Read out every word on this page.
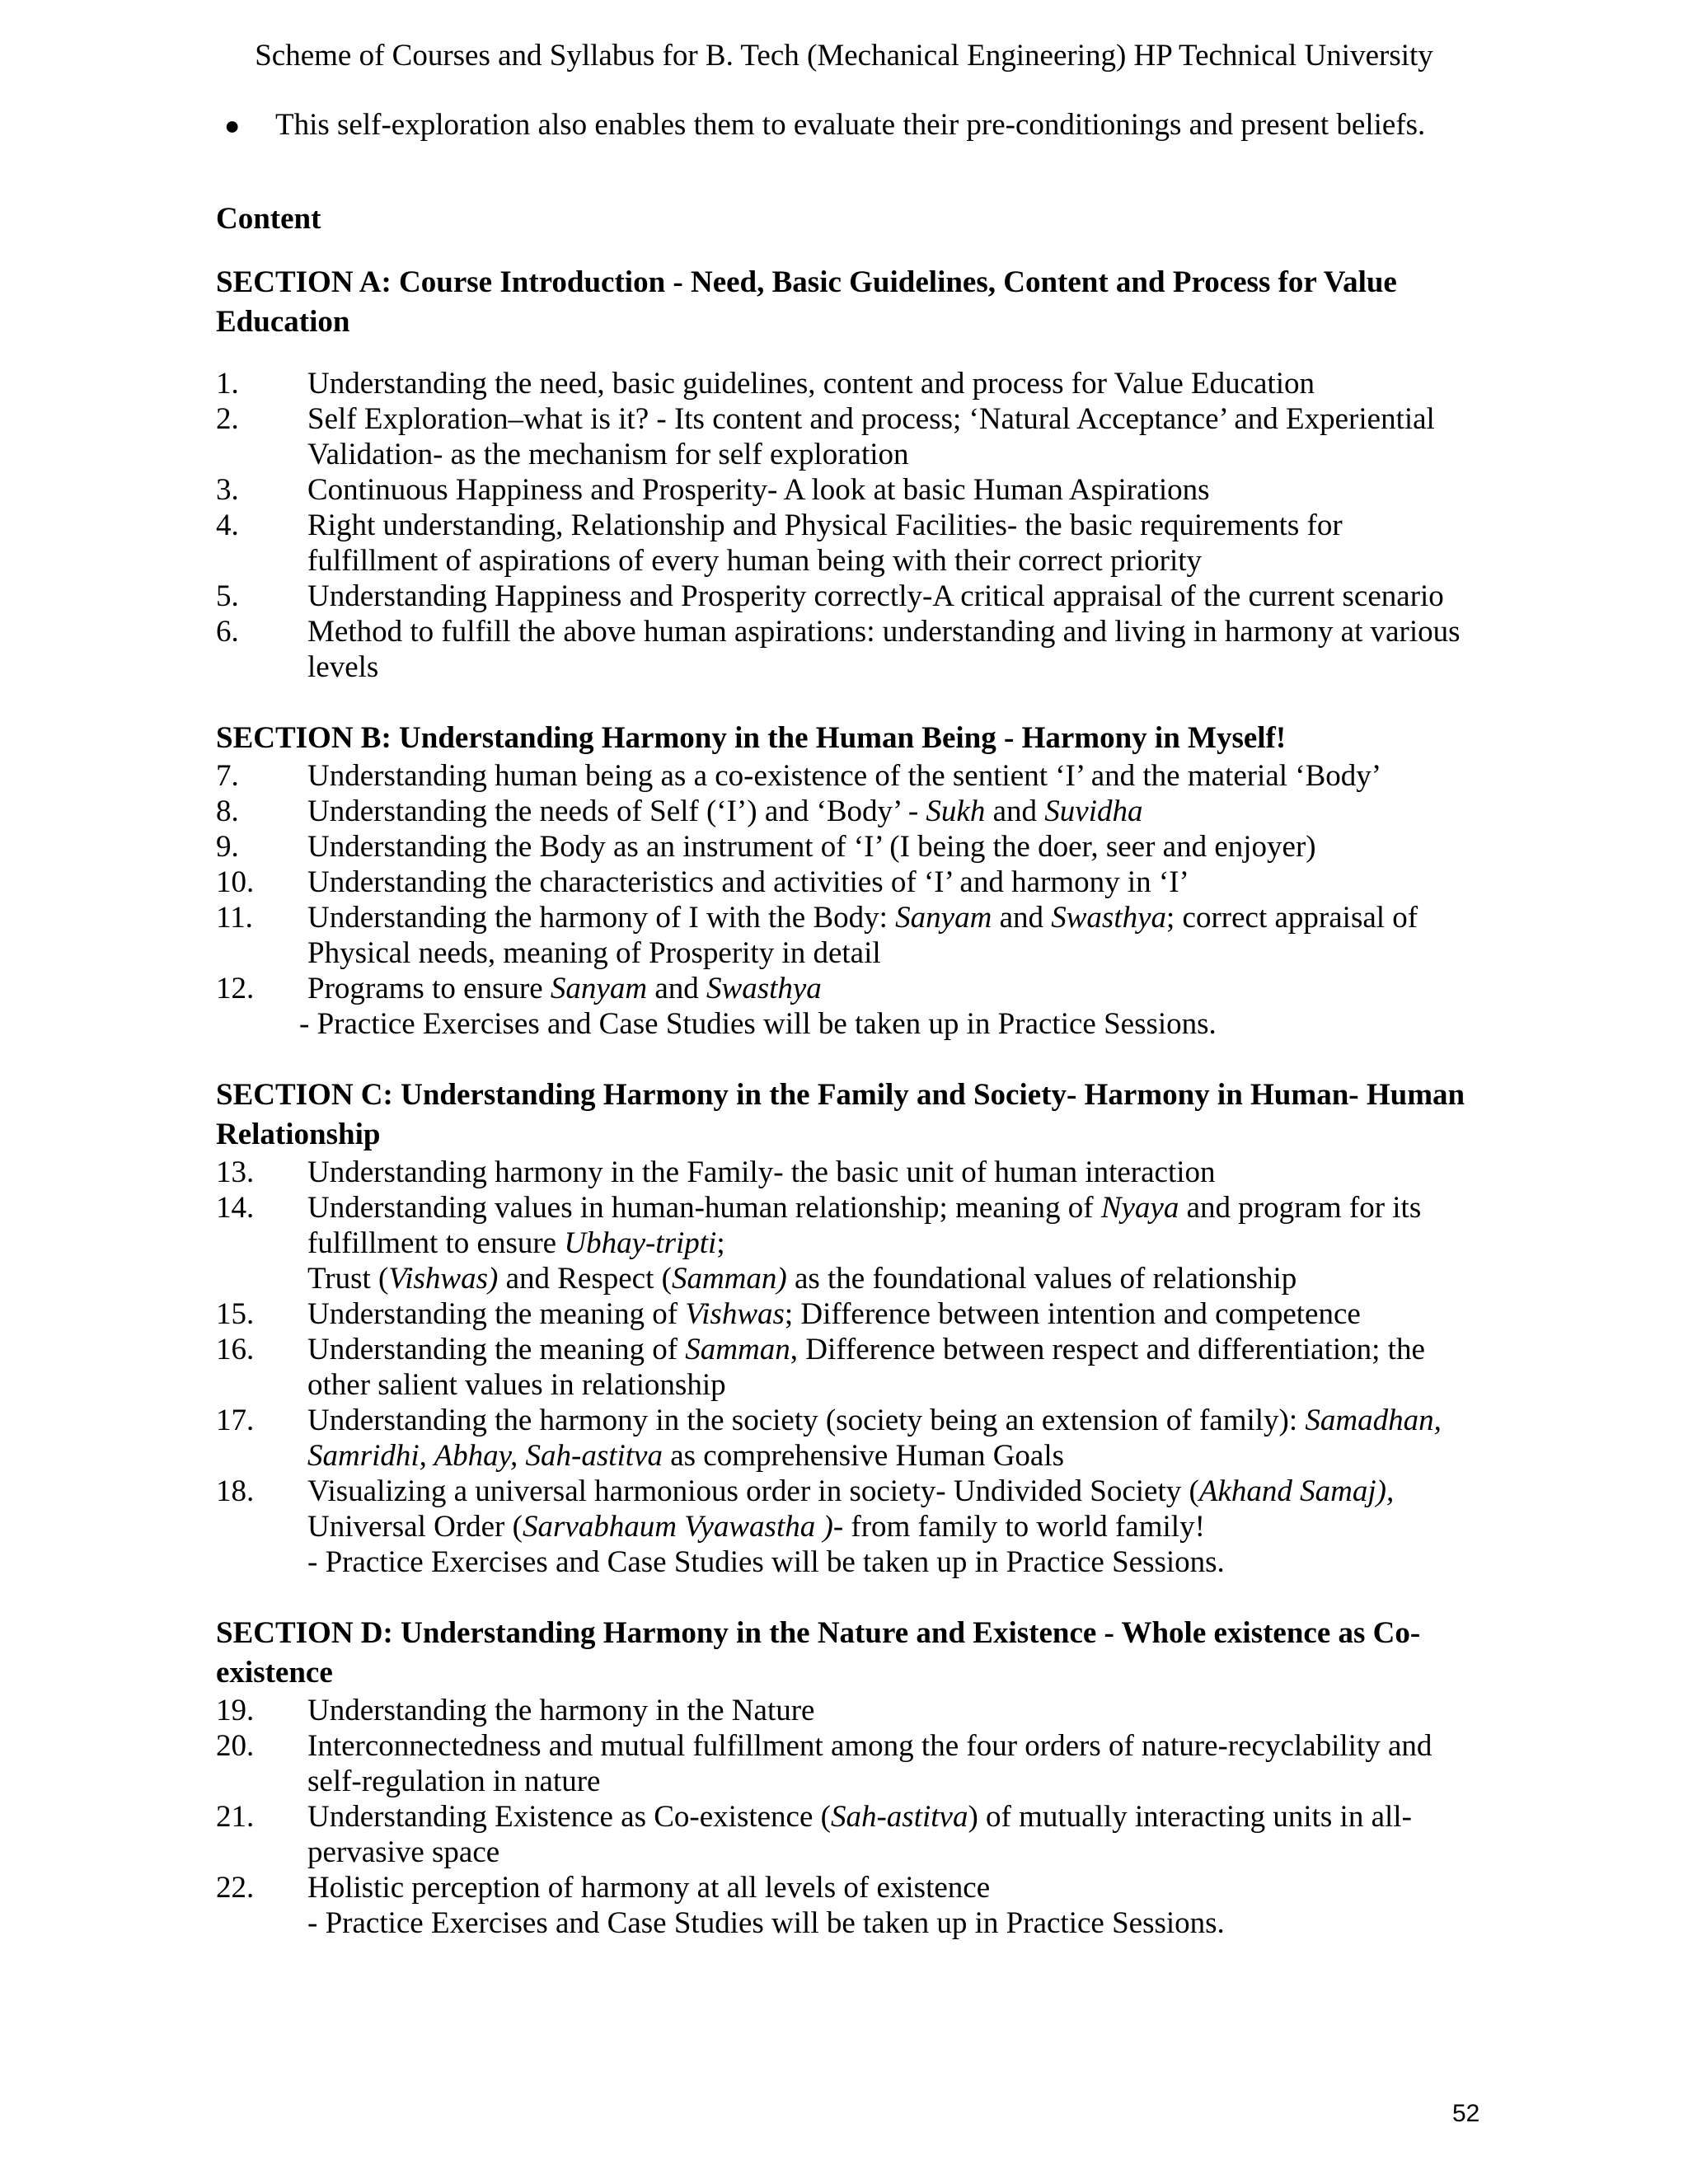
Scheme of Courses and Syllabus for B. Tech (Mechanical Engineering) HP Technical University
●	This self-exploration also enables them to evaluate their pre-conditionings and present beliefs.
Content
SECTION A: Course Introduction - Need, Basic Guidelines, Content and Process for Value Education
1.	Understanding the need, basic guidelines, content and process for Value Education
2.	Self Exploration–what is it? - Its content and process; ‘Natural Acceptance’ and Experiential Validation- as the mechanism for self exploration
3.	Continuous Happiness and Prosperity- A look at basic Human Aspirations
4.	Right understanding, Relationship and Physical Facilities- the basic requirements for fulfillment of aspirations of every human being with their correct priority
5.	Understanding Happiness and Prosperity correctly-A critical appraisal of the current scenario
6.	Method to fulfill the above human aspirations: understanding and living in harmony at various levels
SECTION B: Understanding Harmony in the Human Being - Harmony in Myself!
7.	Understanding human being as a co-existence of the sentient ‘I’ and the material ‘Body’
8.	Understanding the needs of Self (‘I’) and ‘Body’ - Sukh and Suvidha
9.	Understanding the Body as an instrument of ‘I’ (I being the doer, seer and enjoyer)
10.	Understanding the characteristics and activities of ‘I’ and harmony in ‘I’
11.	Understanding the harmony of I with the Body: Sanyam and Swasthya; correct appraisal of Physical needs, meaning of Prosperity in detail
12.	Programs to ensure Sanyam and Swasthya
- Practice Exercises and Case Studies will be taken up in Practice Sessions.
SECTION C: Understanding Harmony in the Family and Society- Harmony in Human- Human Relationship
13.	Understanding harmony in the Family- the basic unit of human interaction
14.	Understanding values in human-human relationship; meaning of Nyaya and program for its fulfillment to ensure Ubhay-tripti;
Trust (Vishwas) and Respect (Samman) as the foundational values of relationship
15.	Understanding the meaning of Vishwas; Difference between intention and competence
16.	Understanding the meaning of Samman, Difference between respect and differentiation; the other salient values in relationship
17.	Understanding the harmony in the society (society being an extension of family): Samadhan, Samridhi, Abhay, Sah-astitva as comprehensive Human Goals
18.	Visualizing a universal harmonious order in society- Undivided Society (Akhand Samaj), Universal Order (Sarvabhaum Vyawastha )- from family to world family!
- Practice Exercises and Case Studies will be taken up in Practice Sessions.
SECTION D: Understanding Harmony in the Nature and Existence - Whole existence as Co-existence
19.	Understanding the harmony in the Nature
20.	Interconnectedness and mutual fulfillment among the four orders of nature-recyclability and self-regulation in nature
21.	Understanding Existence as Co-existence (Sah-astitva) of mutually interacting units in all-pervasive space
22.	Holistic perception of harmony at all levels of existence
- Practice Exercises and Case Studies will be taken up in Practice Sessions.
52
